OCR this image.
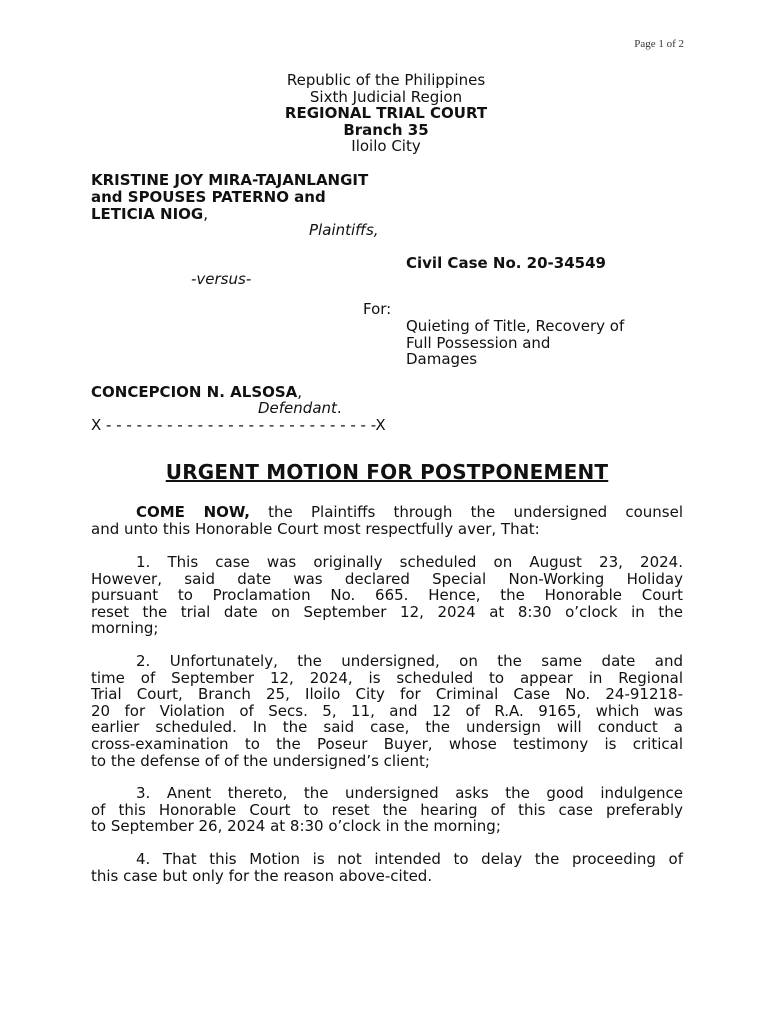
Page 1 of 2
Republic of the Philippines
Sixth Judicial Region
REGIONAL TRIAL COURT
Branch 35
Iloilo City
KRISTINE JOY MIRA-TAJANLANGIT
and SPOUSES PATERNO and
LETICIA NIOG,
Plaintiffs,
Civil Case No. 20-34549
-versus-
For:
Quieting of Title, Recovery of
Full Possession and
Damages
CONCEPCION N. ALSOSA,
Defendant.
X - - - - - - - - - - - - - - - - - - - - - - - - - - -X
URGENT MOTION FOR POSTPONEMENT
COME NOW, the Plaintiffs through the undersigned counsel
and unto this Honorable Court most respectfully aver, That:
1. This case was originally scheduled on August 23, 2024.
However, said date was declared Special Non-Working Holiday
pursuant to Proclamation No. 665. Hence, the Honorable Court
reset the trial date on September 12, 2024 at 8:30 o’clock in the
morning;
2. Unfortunately, the undersigned, on the same date and
time of September 12, 2024, is scheduled to appear in Regional
Trial Court, Branch 25, Iloilo City for Criminal Case No. 24-91218-
20 for Violation of Secs. 5, 11, and 12 of R.A. 9165, which was
earlier scheduled. In the said case, the undersign will conduct a
cross-examination to the Poseur Buyer, whose testimony is critical
to the defense of of the undersigned’s client;
3. Anent thereto, the undersigned asks the good indulgence
of this Honorable Court to reset the hearing of this case preferably
to September 26, 2024 at 8:30 o’clock in the morning;
4. That this Motion is not intended to delay the proceeding of
this case but only for the reason above-cited.
